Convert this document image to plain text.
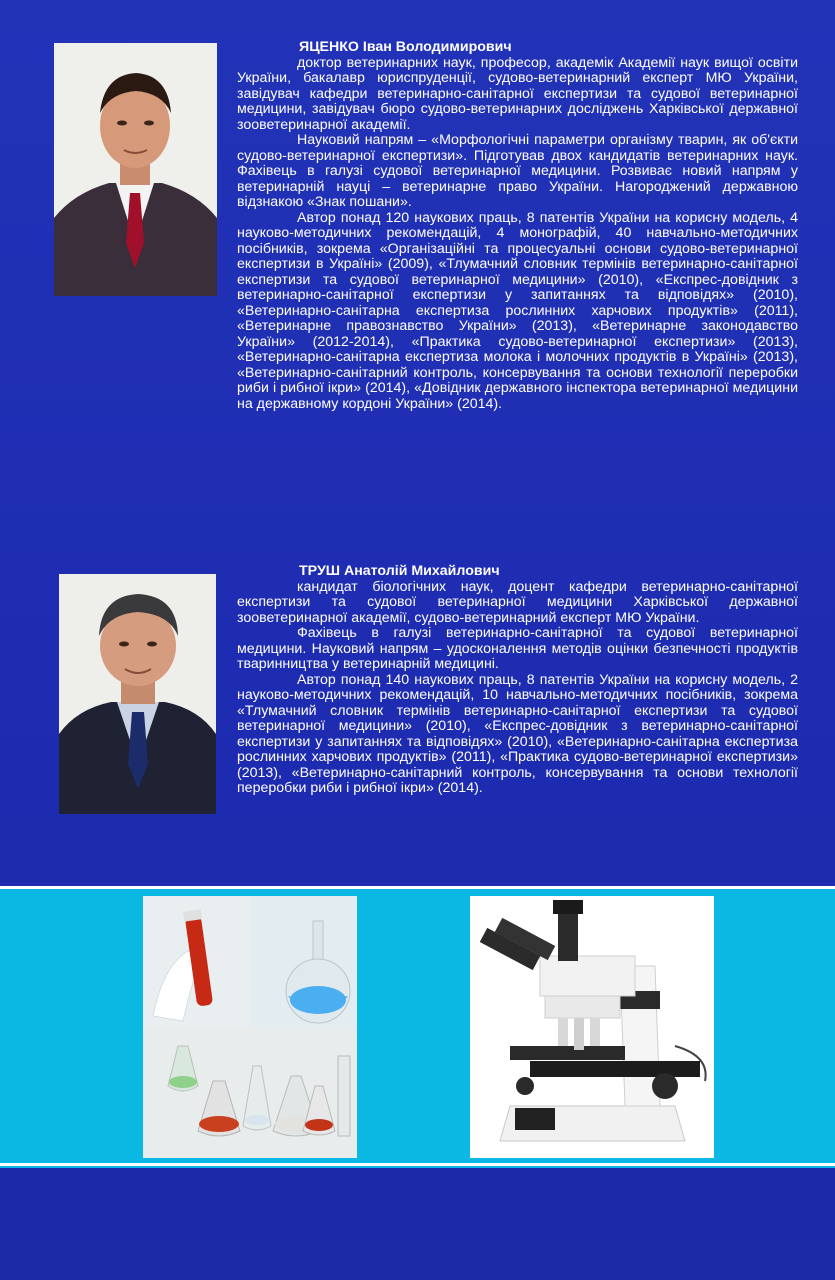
ЯЦЕНКО Іван Володимирович

доктор ветеринарних наук, професор, академік Академії наук вищої освіти України, бакалавр юриспруденції, судово-ветеринарний експерт МЮ України, завідувач кафедри ветеринарно-санітарної експертизи та судової ветеринарної медицини, завідувач бюро судово-ветеринарних досліджень Харківської державної зооветеринарної академії.

Науковий напрям – «Морфологічні параметри організму тварин, як об'єкти судово-ветеринарної експертизи». Підготував двох кандидатів ветеринарних наук. Фахівець в галузі судової ветеринарної медицини. Розвиває новий напрям у ветеринарній науці – ветеринарне право України. Нагороджений державною відзнакою «Знак пошани».

Автор понад 120 наукових праць, 8 патентів України на корисну модель, 4 науково-методичних рекомендацій, 4 монографій, 40 навчально-методичних посібників, зокрема «Організаційні та процесуальні основи судово-ветеринарної експертизи в Україні» (2009), «Тлумачний словник термінів ветеринарно-санітарної експертизи та судової ветеринарної медицини» (2010), «Експрес-довідник з ветеринарно-санітарної експертизи у запитаннях та відповідях» (2010), «Ветеринарно-санітарна експертиза рослинних харчових продуктів» (2011), «Ветеринарне правознавство України» (2013), «Ветеринарне законодавство України» (2012-2014), «Практика судово-ветеринарної експертизи» (2013), «Ветеринарно-санітарна експертиза молока і молочних продуктів в Україні» (2013), «Ветеринарно-санітарний контроль, консервування та основи технології переробки риби і рибної ікри» (2014), «Довідник державного інспектора ветеринарної медицини на державному кордоні України» (2014).

ТРУШ Анатолій Михайлович

кандидат біологічних наук, доцент кафедри ветеринарно-санітарної експертизи та судової ветеринарної медицини Харківської державної зооветеринарної академії, судово-ветеринарний експерт МЮ України.

Фахівець в галузі ветеринарно-санітарної та судової ветеринарної медицини. Науковий напрям – удосконалення методів оцінки безпечності продуктів тваринництва у ветеринарній медицині.

Автор понад 140 наукових праць, 8 патентів України на корисну модель, 2 науково-методичних рекомендацій, 10 навчально-методичних посібників, зокрема «Тлумачний словник термінів ветеринарно-санітарної експертизи та судової ветеринарної медицини» (2010), «Експрес-довідник з ветеринарно-санітарної експертизи у запитаннях та відповідях» (2010), «Ветеринарно-санітарна експертиза рослинних харчових продуктів» (2011), «Практика судово-ветеринарної експертизи» (2013), «Ветеринарно-санітарний контроль, консервування та основи технології переробки риби і рибної ікри» (2014).
